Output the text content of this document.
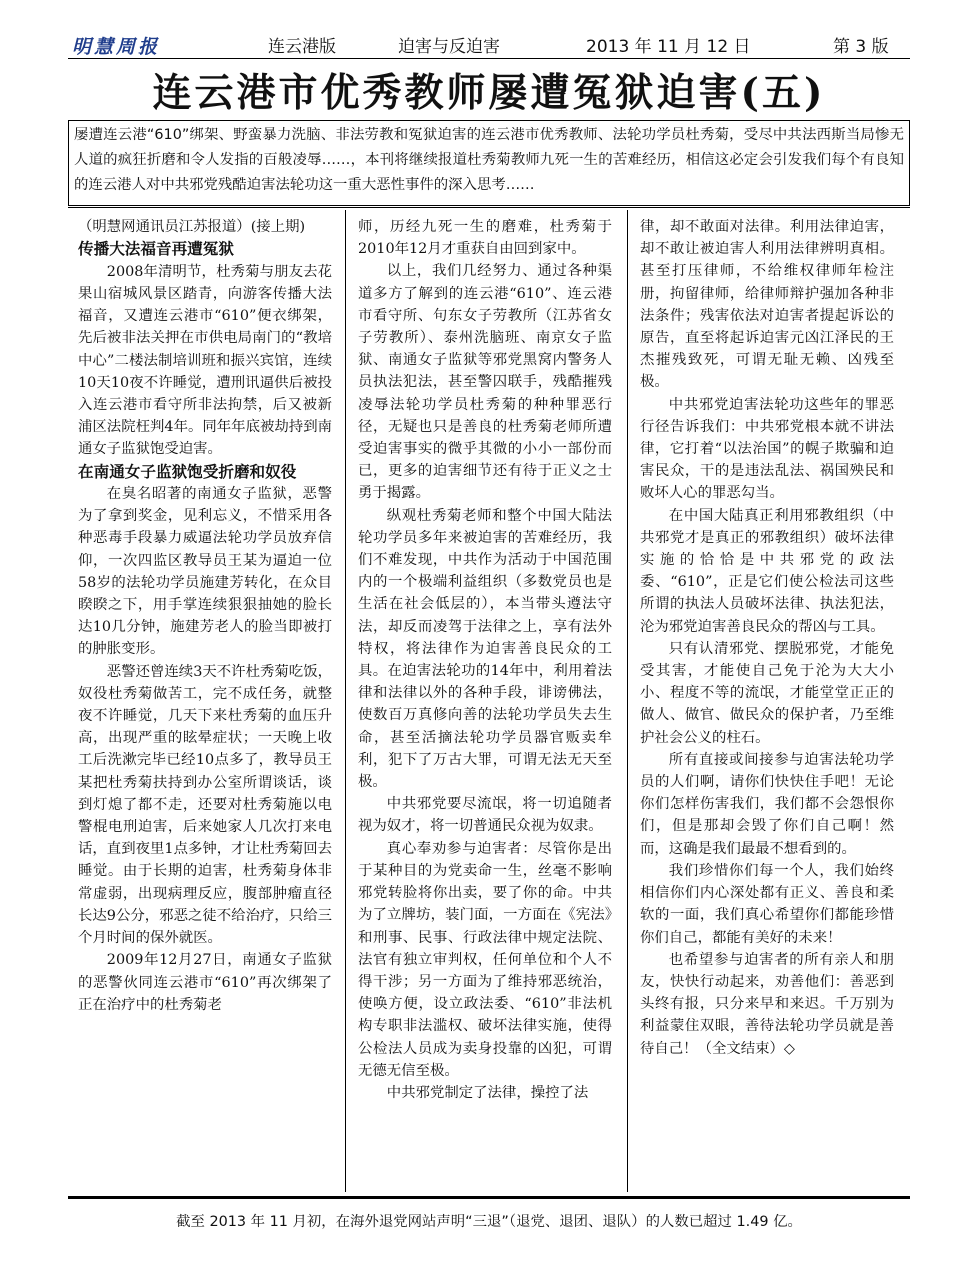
明慧周报	连云港版	迫害与反迫害	2013 年 11 月 12 日	第 3 版
连云港市优秀教师屡遭冤狱迫害(五)
屡遭连云港“610”绑架、野蛮暴力洗脑、非法劳教和冤狱迫害的连云港市优秀教师、法轮功学员杜秀菊，受尽中共法西斯当局惨无人道的疯狂折磨和令人发指的百般凌辱……，本刊将继续报道杜秀菊教师九死一生的苦难经历，相信这必定会引发我们每个有良知的连云港人对中共邪党残酷迫害法轮功这一重大恶性事件的深入思考……

（明慧网通讯员江苏报道）(接上期)

传播大法福音再遭冤狱

2008年清明节，杜秀菊与朋友去花果山宿城风景区踏青，向游客传播大法福音，又遭连云港市“610”便衣绑架，先后被非法关押在市供电局南门的“教培中心”二楼法制培训班和振兴宾馆，连续10天10夜不许睡觉，遭刑讯逼供后被投入连云港市看守所非法拘禁，后又被新浦区法院枉判4年。同年年底被劫持到南通女子监狱饱受迫害。

在南通女子监狱饱受折磨和奴役

在臭名昭著的南通女子监狱，恶警为了拿到奖金，见利忘义，不惜采用各种恶毒手段暴力威逼法轮功学员放弃信仰，一次四监区教导员王某为逼迫一位58岁的法轮功学员施建芳转化，在众目睽睽之下，用手掌连续狠狠抽她的脸长达10几分钟，施建芳老人的脸当即被打的肿胀变形。

恶警还曾连续3天不许杜秀菊吃饭，奴役杜秀菊做苦工，完不成任务，就整夜不许睡觉，几天下来杜秀菊的血压升高，出现严重的眩晕症状；一天晚上收工后洗漱完毕已经10点多了，教导员王某把杜秀菊扶持到办公室所谓谈话，谈到灯熄了都不走，还要对杜秀菊施以电警棍电刑迫害，后来她家人几次打来电话，直到夜里1点多钟，才让杜秀菊回去睡觉。由于长期的迫害，杜秀菊身体非常虚弱，出现病理反应，腹部肿瘤直径长达9公分，邪恶之徒不给治疗，只给三个月时间的保外就医。

2009年12月27日，南通女子监狱的恶警伙同连云港市“610”再次绑架了正在治疗中的杜秀菊老

师，历经九死一生的磨难，杜秀菊于2010年12月才重获自由回到家中。

以上，我们几经努力、通过各种渠道多方了解到的连云港“610”、连云港市看守所、句东女子劳教所（江苏省女子劳教所）、泰州洗脑班、南京女子监狱、南通女子监狱等邪党黑窝内警务人员执法犯法，甚至警囚联手，残酷摧残凌辱法轮功学员杜秀菊的种种罪恶行径，无疑也只是善良的杜秀菊老师所遭受迫害事实的微乎其微的小小一部份而已，更多的迫害细节还有待于正义之士勇于揭露。

纵观杜秀菊老师和整个中国大陆法轮功学员多年来被迫害的苦难经历，我们不难发现，中共作为活动于中国范围内的一个极端利益组织（多数党员也是生活在社会低层的），本当带头遵法守法，却反而凌驾于法律之上，享有法外特权，将法律作为迫害善良民众的工具。在迫害法轮功的14年中，利用着法律和法律以外的各种手段，诽谤佛法，使数百万真修向善的法轮功学员失去生命，甚至活摘法轮功学员器官贩卖牟利，犯下了万古大罪，可谓无法无天至极。

中共邪党要尽流氓，将一切追随者视为奴才，将一切普通民众视为奴隶。

真心奉劝参与迫害者：尽管你是出于某种目的为党卖命一生，丝毫不影响邪党转脸将你出卖，要了你的命。中共为了立牌坊，装门面，一方面在《宪法》和刑事、民事、行政法律中规定法院、法官有独立审判权，任何单位和个人不得干涉；另一方面为了维持邪恶统治，使唤方便，设立政法委、“610”非法机构专职非法滥权、破坏法律实施，使得公检法人员成为卖身投靠的凶犯，可谓无德无信至极。

中共邪党制定了法律，操控了法

律，却不敢面对法律。利用法律迫害，却不敢让被迫害人利用法律辨明真相。甚至打压律师，不给维权律师年检注册，拘留律师，给律师辩护强加各种非法条件；残害依法对迫害者提起诉讼的原告，直至将起诉迫害元凶江泽民的王杰摧残致死，可谓无耻无赖、凶残至极。

中共邪党迫害法轮功这些年的罪恶行径告诉我们：中共邪党根本就不讲法律，它打着“以法治国”的幌子欺骗和迫害民众，干的是违法乱法、祸国殃民和败坏人心的罪恶勾当。

在中国大陆真正利用邪教组织（中共邪党才是真正的邪教组织）破坏法律实施的恰恰是中共邪党的政法委、“610”，正是它们使公检法司这些所谓的执法人员破坏法律、执法犯法，沦为邪党迫害善良民众的帮凶与工具。

只有认清邪党、摆脱邪党，才能免受其害，才能使自己免于沦为大大小小、程度不等的流氓，才能堂堂正正的做人、做官、做民众的保护者，乃至维护社会公义的柱石。

所有直接或间接参与迫害法轮功学员的人们啊，请你们快快住手吧！无论你们怎样伤害我们，我们都不会怨恨你们，但是那却会毁了你们自己啊！然而，这确是我们最最不想看到的。

我们珍惜你们每一个人，我们始终相信你们内心深处都有正义、善良和柔软的一面，我们真心希望你们都能珍惜你们自己，都能有美好的未来！

也希望参与迫害者的所有亲人和朋友，快快行动起来，劝善他们：善恶到头终有报，只分来早和来迟。千万别为利益蒙住双眼，善待法轮功学员就是善待自己！（全文结束）◇

截至 2013 年 11 月初，在海外退党网站声明“三退”（退党、退团、退队）的人数已超过 1.49 亿。
